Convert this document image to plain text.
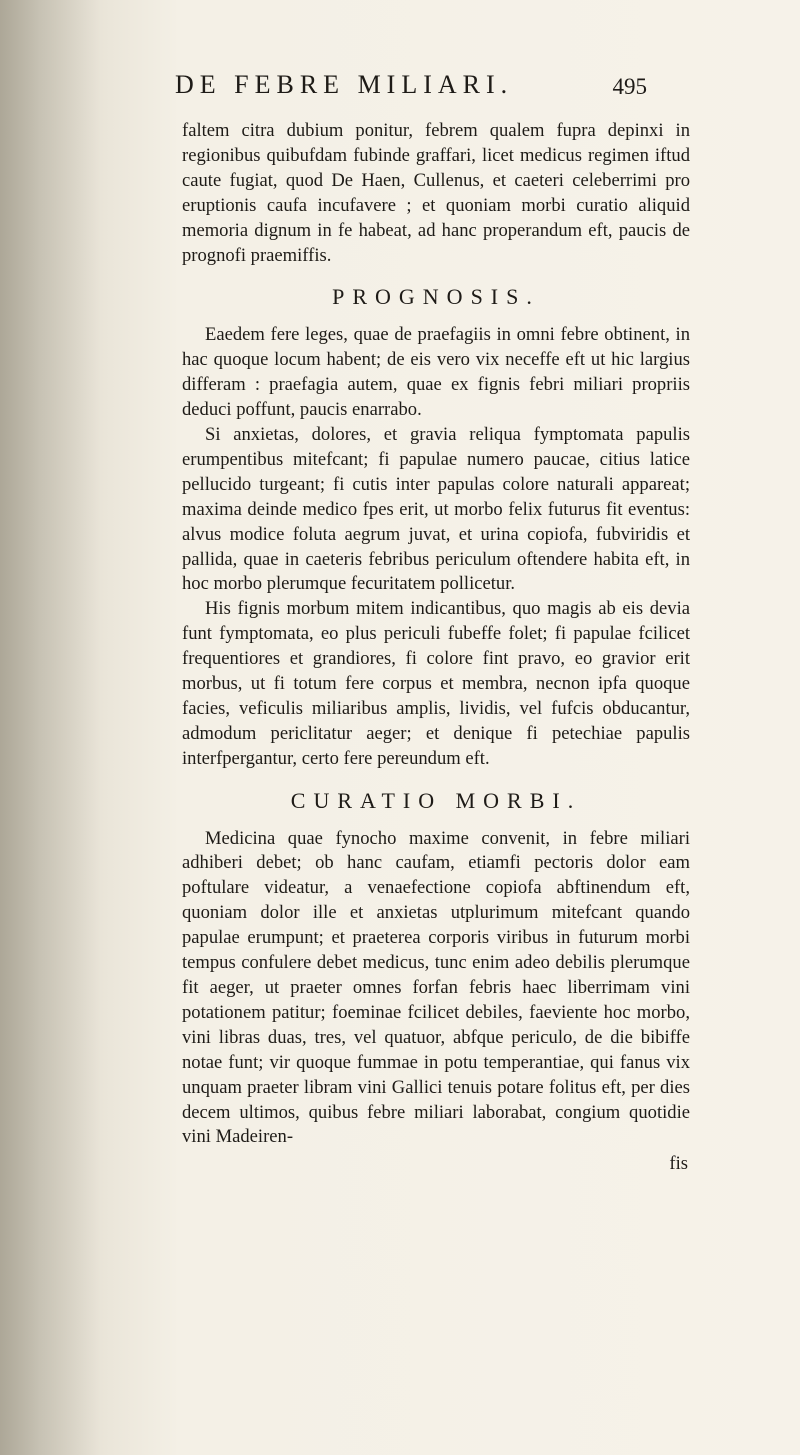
DE FEBRE MILIARI.	495

faltem citra dubium ponitur, febrem qualem fupra depinxi in regionibus quibufdam fubinde graffari, licet medicus regimen iftud caute fugiat, quod De Haen, Cullenus, et caeteri celeberrimi pro eruptionis caufa incufavere ; et quoniam morbi curatio aliquid memoria dignum in fe habeat, ad hanc properandum eft, paucis de prognofi praemiffis.

PROGNOSIS.

Eaedem fere leges, quae de praefagiis in omni febre obtinent, in hac quoque locum habent; de eis vero vix neceffe eft ut hic largius differam : praefagia autem, quae ex fignis febri miliari propriis deduci poffunt, paucis enarrabo.

Si anxietas, dolores, et gravia reliqua fymptomata papulis erumpentibus mitefcant; fi papulae numero paucae, citius latice pellucido turgeant; fi cutis inter papulas colore naturali appareat; maxima deinde medico fpes erit, ut morbo felix futurus fit eventus: alvus modice foluta aegrum juvat, et urina copiofa, fubviridis et pallida, quae in caeteris febribus periculum oftendere habita eft, in hoc morbo plerumque fecuritatem pollicetur.

His fignis morbum mitem indicantibus, quo magis ab eis devia funt fymptomata, eo plus periculi fubeffe folet; fi papulae fcilicet frequentiores et grandiores, fi colore fint pravo, eo gravior erit morbus, ut fi totum fere corpus et membra, necnon ipfa quoque facies, veficulis miliaribus amplis, lividis, vel fufcis obducantur, admodum periclitatur aeger; et denique fi petechiae papulis interfpergantur, certo fere pereundum eft.

CURATIO MORBI.

Medicina quae fynocho maxime convenit, in febre miliari adhiberi debet; ob hanc caufam, etiamfi pectoris dolor eam poftulare videatur, a venaefectione copiofa abftinendum eft, quoniam dolor ille et anxietas utplurimum mitefcant quando papulae erumpunt; et praeterea corporis viribus in futurum morbi tempus confulere debet medicus, tunc enim adeo debilis plerumque fit aeger, ut praeter omnes forfan febris haec liberrimam vini potationem patitur; foeminae fcilicet debiles, faeviente hoc morbo, vini libras duas, tres, vel quatuor, abfque periculo, de die bibiffe notae funt; vir quoque fummae in potu temperantiae, qui fanus vix unquam praeter libram vini Gallici tenuis potare folitus eft, per dies decem ultimos, quibus febre miliari laborabat, congium quotidie vini Madeiren-

fis
